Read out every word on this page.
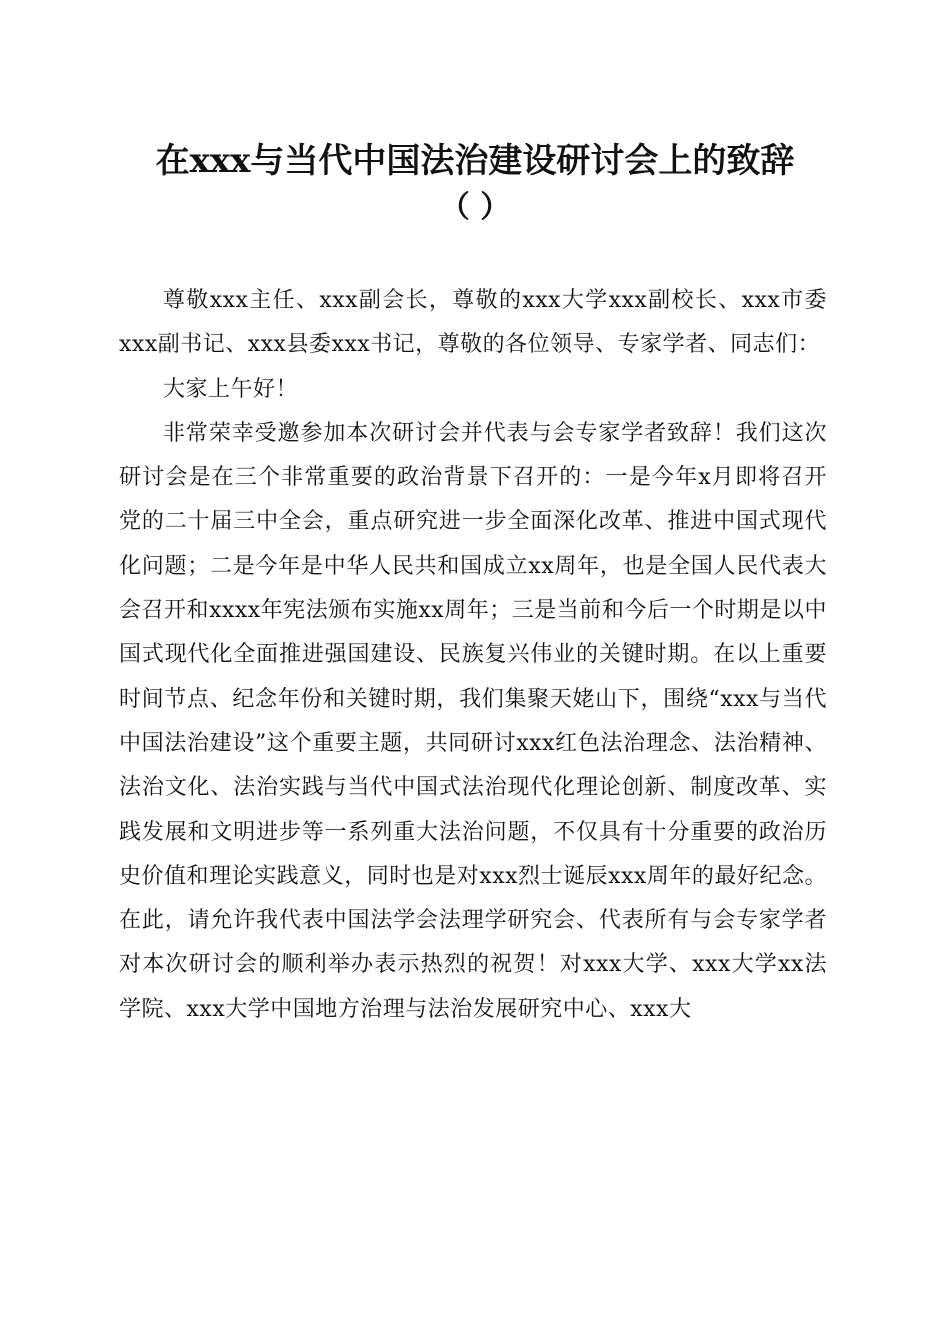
在xxx与当代中国法治建设研讨会上的致辞
（ ）

尊敬xxx主任、xxx副会长，尊敬的xxx大学xxx副校长、xxx市委xxx副书记、xxx县委xxx书记，尊敬的各位领导、专家学者、同志们：

大家上午好！

非常荣幸受邀参加本次研讨会并代表与会专家学者致辞！我们这次研讨会是在三个非常重要的政治背景下召开的：一是今年x月即将召开党的二十届三中全会，重点研究进一步全面深化改革、推进中国式现代化问题；二是今年是中华人民共和国成立xx周年，也是全国人民代表大会召开和xxxx年宪法颁布实施xx周年；三是当前和今后一个时期是以中国式现代化全面推进强国建设、民族复兴伟业的关键时期。在以上重要时间节点、纪念年份和关键时期，我们集聚天姥山下，围绕“xxx与当代中国法治建设”这个重要主题，共同研讨xxx红色法治理念、法治精神、法治文化、法治实践与当代中国式法治现代化理论创新、制度改革、实践发展和文明进步等一系列重大法治问题，不仅具有十分重要的政治历史价值和理论实践意义，同时也是对xxx烈士诞辰xxx周年的最好纪念。在此，请允许我代表中国法学会法理学研究会、代表所有与会专家学者对本次研讨会的顺利举办表示热烈的祝贺！对xxx大学、xxx大学xx法学院、xxx大学中国地方治理与法治发展研究中心、xxx大
